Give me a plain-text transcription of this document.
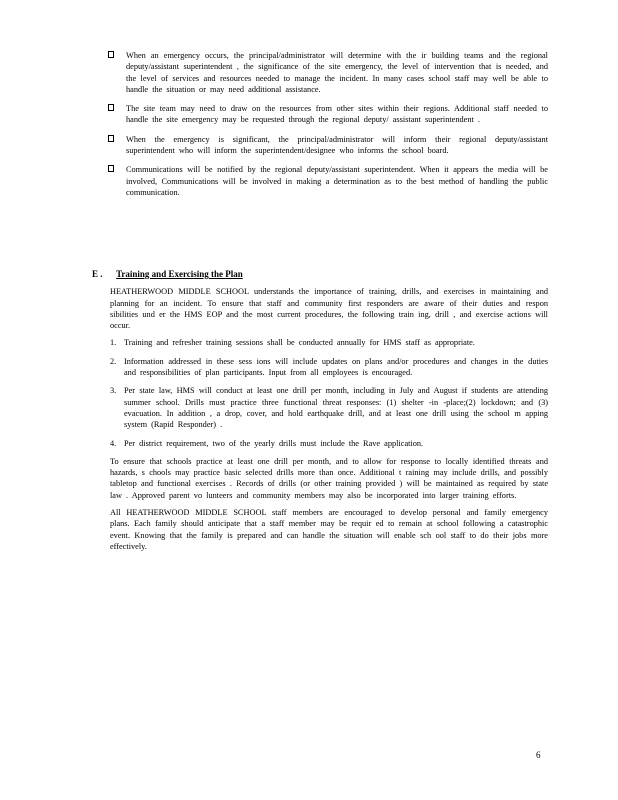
When an emergency occurs, the principal/administrator will determine with the ir building teams and the regional deputy/assistant superintendent , the significance of the site emergency, the level of intervention that is needed, and the level of services and resources needed to manage the incident. In many cases school staff may well be able to handle the situation or may need additional assistance.

The site team may need to draw on the resources from other sites within their regions. Additional staff needed to handle the site emergency may be requested through the regional deputy/ assistant superintendent .

When the emergency is significant, the principal/administrator will inform their regional deputy/assistant superintendent who will inform the superintendent/designee who informs the school board.

Communications will be notified by the regional deputy/assistant superintendent. When it appears the media will be involved, Communications will be involved in making a determination as to the best method of handling the public communication.

E . Training and Exercising the Plan

HEATHERWOOD MIDDLE SCHOOL understands the importance of training, drills, and exercises in maintaining and planning for an incident. To ensure that staff and community first responders are aware of their duties and respon sibilities und er the HMS EOP and the most current procedures, the following train ing, drill , and exercise actions will occur.

1. Training and refresher training sessions shall be conducted annually for HMS staff as appropriate.
2. Information addressed in these sess ions will include updates on plans and/or procedures and changes in the duties and responsibilities of plan participants. Input from all employees is encouraged.
3. Per state law, HMS will conduct at least one drill per month, including in July and August if students are attending summer school. Drills must practice three functional threat responses: (1) shelter -in -place;(2) lockdown; and (3) evacuation. In addition , a drop, cover, and hold earthquake drill, and at least one drill using the school m apping system (Rapid Responder) .
4. Per district requirement, two of the yearly drills must include the Rave application.

To ensure that schools practice at least one drill per month, and to allow for response to locally identified threats and hazards, s chools may practice basic selected drills more than once. Additional t raining may include drills, and possibly tabletop and functional exercises . Records of drills (or other training provided ) will be maintained as required by state law . Approved parent vo lunteers and community members may also be incorporated into larger training efforts.

All HEATHERWOOD MIDDLE SCHOOL staff members are encouraged to develop personal and family emergency plans. Each family should anticipate that a staff member may be requir ed to remain at school following a catastrophic event. Knowing that the family is prepared and can handle the situation will enable sch ool staff to do their jobs more effectively.

6
